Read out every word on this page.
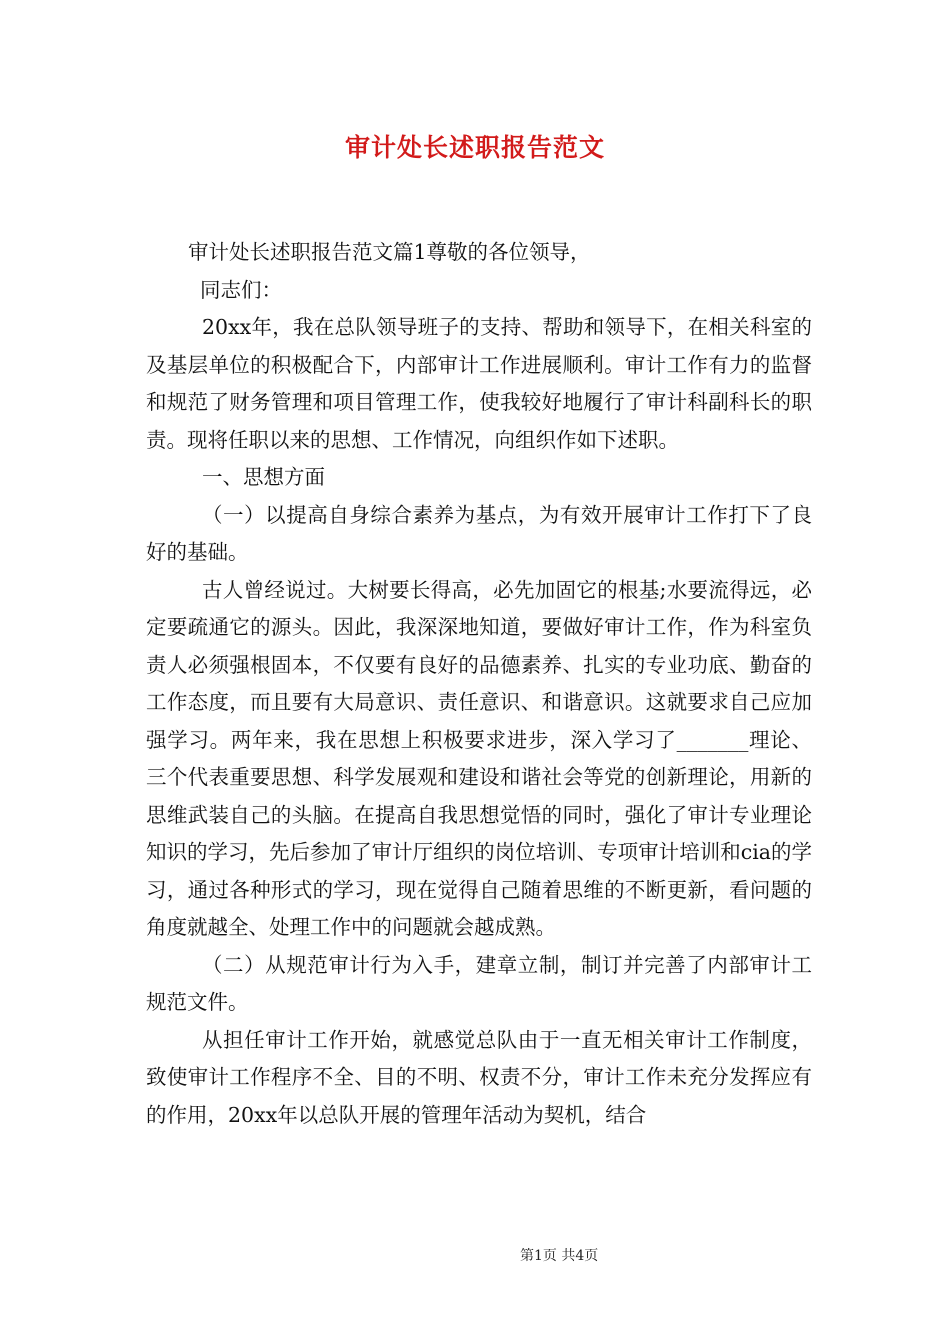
审计处长述职报告范文

审计处长述职报告范文篇1尊敬的各位领导，

同志们：

20xx年，我在总队领导班子的支持、帮助和领导下，在相关科室的及基层单位的积极配合下，内部审计工作进展顺利。审计工作有力的监督和规范了财务管理和项目管理工作，使我较好地履行了审计科副科长的职责。现将任职以来的思想、工作情况，向组织作如下述职。

一、思想方面

（一）以提高自身综合素养为基点，为有效开展审计工作打下了良好的基础。

古人曾经说过。大树要长得高，必先加固它的根基;水要流得远，必定要疏通它的源头。因此，我深深地知道，要做好审计工作，作为科室负责人必须强根固本，不仅要有良好的品德素养、扎实的专业功底、勤奋的工作态度，而且要有大局意识、责任意识、和谐意识。这就要求自己应加强学习。两年来，我在思想上积极要求进步，深入学习了_______理论、三个代表重要思想、科学发展观和建设和谐社会等党的创新理论，用新的思维武装自己的头脑。在提高自我思想觉悟的同时，强化了审计专业理论知识的学习，先后参加了审计厅组织的岗位培训、专项审计培训和cia的学习，通过各种形式的学习，现在觉得自己随着思维的不断更新，看问题的角度就越全、处理工作中的问题就会越成熟。

（二）从规范审计行为入手，建章立制，制订并完善了内部审计工规范文件。

从担任审计工作开始，就感觉总队由于一直无相关审计工作制度，致使审计工作程序不全、目的不明、权责不分，审计工作未充分发挥应有的作用，20xx年以总队开展的管理年活动为契机，结合

第1页 共4页
